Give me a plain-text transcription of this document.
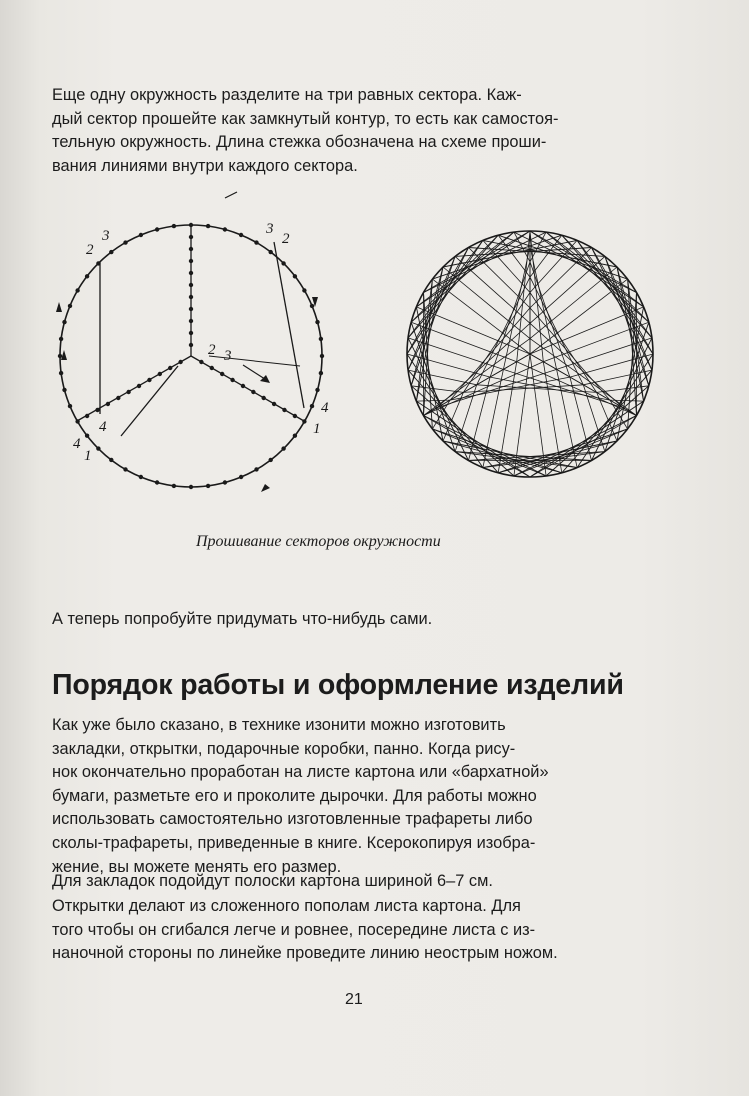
Еще одну окружность разделите на три равных сектора. Каж-
дый сектор прошейте как замкнутый контур, то есть как самостоя-
тельную окружность. Длина стежка обозначена на схеме прoши-
вания линиями внутри каждого сектора.
2
3	3
2
2 3
4
1
4
4
1
Прошивание секторов окружности
А теперь попробуйте придумать что-нибудь сами.
Порядок работы и оформление изделий
Как уже было сказано, в технике изонити можно изготовить
закладки, открытки, подарочные коробки, панно. Когда рису-
нок окончательно проработан на листе картона или «бархатной»
бумаги, разметьте его и проколите дырочки. Для работы можно
использовать самостоятельно изготовленные трафареты либо
сколы-трафареты, приведенные в книге. Ксерокопируя изобра-
жение, вы можете менять его размер.
Для закладок подойдут полоски картона шириной 6–7 см.
Открытки делают из сложенного пополам листа картона. Для
того чтобы он сгибался легче и ровнее, посередине листа с из-
наночной стороны по линейке проведите линию неострым ножом.
21
